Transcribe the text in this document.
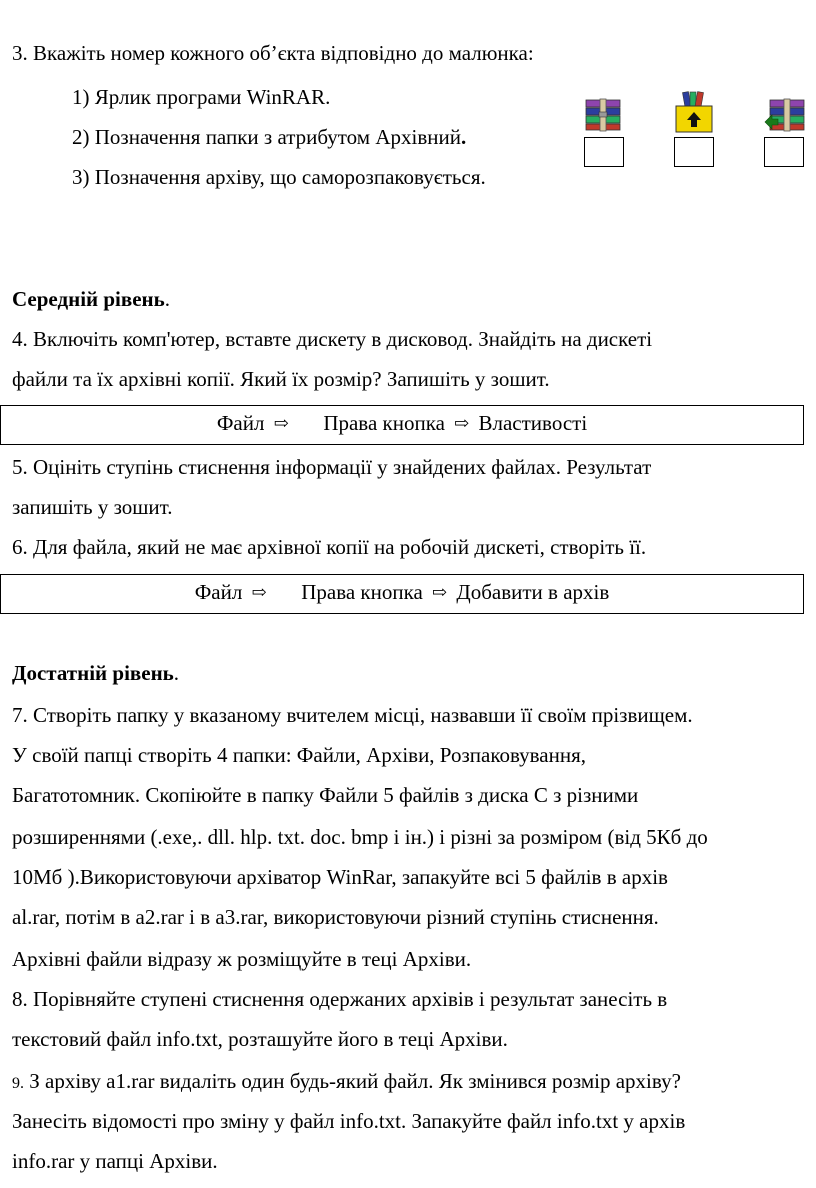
3. Вкажіть номер кожного об’єкта відповідно до малюнка:
1) Ярлик програми WinRAR.
2) Позначення папки з атрибутом Архівний.
3) Позначення архіву, що саморозпаковується.
Середній рівень.
4. Включіть комп'ютер, вставте дискету в дисковод. Знайдіть на дискеті
файли та їх архівні копії. Який їх розмір? Запишіть у зошит.
Файл ⇨ Права кнопка ⇨ Властивості
5. Оцініть ступінь стиснення інформації у знайдених файлах. Результат
запишіть у зошит.
6. Для файла, який не має архівної копії на робочій дискеті, створіть її.
Файл ⇨ Права кнопка ⇨ Добавити в архів
Достатній рівень.
7. Створіть папку у вказаному вчителем місці, назвавши її своїм прізвищем.
У своїй папці створіть 4 папки: Файли, Архіви, Розпаковування,
Багатотомник. Скопіюйте в папку Файли 5 файлів з диска С з різними
розширеннями (.exe,. dll. hlp. txt. doc. bmp і ін.) і різні за розміром (від 5Кб до
10Мб ).Використовуючи архіватор WinRar, запакуйте всі 5 файлів в архів
al.rar, потім в a2.rar і в a3.rar, використовуючи різний ступінь стиснення.
Архівні файли відразу ж розміщуйте в теці Архіви.
8. Порівняйте ступені стиснення одержаних архівів і результат занесіть в
текстовий файл info.txt, розташуйте його в теці Архіви.
9. З архіву а1.rar видаліть один будь-який файл. Як змінився розмір архіву?
Занесіть відомості про зміну у файл info.txt. Запакуйте файл info.txt у архів
info.rar у папці Архіви.
